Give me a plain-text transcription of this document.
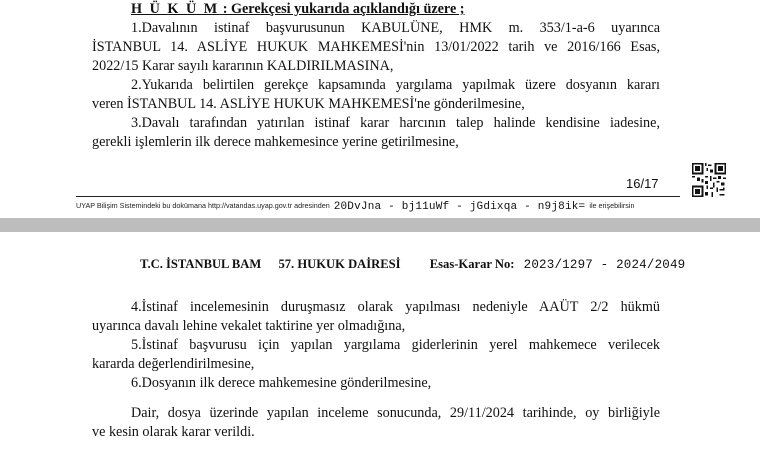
H Ü K Ü M : Gerekçesi yukarıda açıklandığı üzere ;
1.Davalının istinaf başvurusunun KABULÜNE, HMK m. 353/1-a-6 uyarınca
İSTANBUL 14. ASLİYE HUKUK MAHKEMESİ'nin 13/01/2022 tarih ve 2016/166 Esas,
2022/15 Karar sayılı kararının KALDIRILMASINA,
2.Yukarıda belirtilen gerekçe kapsamında yargılama yapılmak üzere dosyanın kararı
veren İSTANBUL 14. ASLİYE HUKUK MAHKEMESİ'ne gönderilmesine,
3.Davalı tarafından yatırılan istinaf karar harcının talep halinde kendisine iadesine,
gerekli işlemlerin ilk derece mahkemesince yerine getirilmesine,
16/17
UYAP Bilişim Sistemindeki bu dokümana http://vatandas.uyap.gov.tr adresinden 20DvJna - bj11uWf - jGdixqa - n9j8ik= ile erişebilirsin
T.C. İSTANBUL BAM 57. HUKUK DAİRESİ Esas-Karar No: 2023/1297 - 2024/2049
4.İstinaf incelemesinin duruşmasız olarak yapılması nedeniyle AAÜT 2/2 hükmü
uyarınca davalı lehine vekalet taktirine yer olmadığına,
5.İstinaf başvurusu için yapılan yargılama giderlerinin yerel mahkemece verilecek
kararda değerlendirilmesine,
6.Dosyanın ilk derece mahkemesine gönderilmesine,
Dair, dosya üzerinde yapılan inceleme sonucunda, 29/11/2024 tarihinde, oy birliğiyle
ve kesin olarak karar verildi.
